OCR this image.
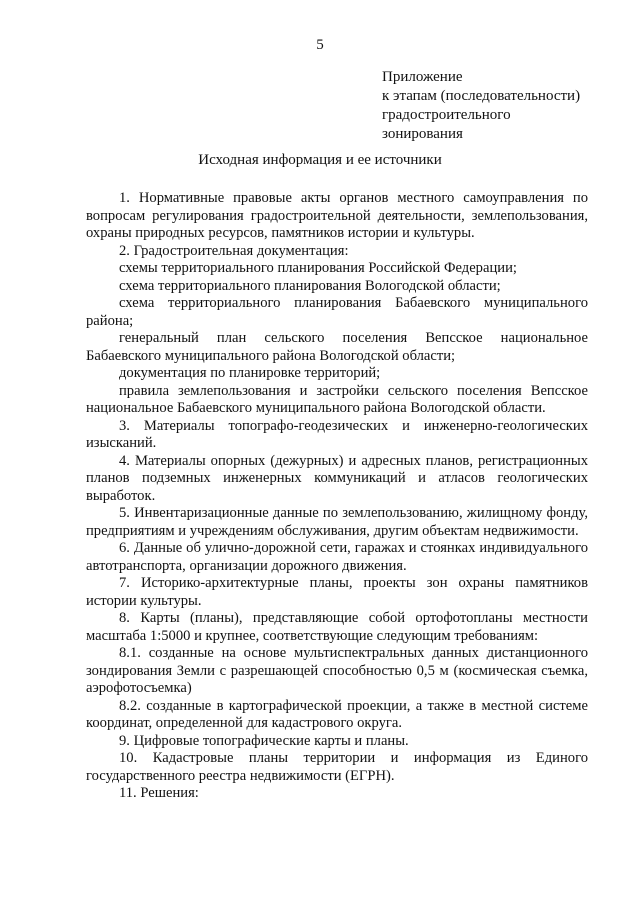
5
Приложение
к этапам (последовательности)
градостроительного
зонирования
Исходная информация и ее источники

1. Нормативные правовые акты органов местного самоуправления по вопросам регулирования градостроительной деятельности, землепользования, охраны природных ресурсов, памятников истории и культуры.

2. Градостроительная документация:

схемы территориального планирования Российской Федерации;

схема территориального планирования Вологодской области;

схема территориального планирования Бабаевского муниципального района;

генеральный план сельского поселения Вепсское национальное Бабаевского муниципального района Вологодской области;

документация по планировке территорий;

правила землепользования и застройки сельского поселения Вепсское национальное Бабаевского муниципального района Вологодской области.

3. Материалы топографо-геодезических и инженерно-геологических изысканий.

4. Материалы опорных (дежурных) и адресных планов, регистрационных планов подземных инженерных коммуникаций и атласов геологических выработок.

5. Инвентаризационные данные по землепользованию, жилищному фонду, предприятиям и учреждениям обслуживания, другим объектам недвижимости.

6. Данные об улично-дорожной сети, гаражах и стоянках индивидуального автотранспорта, организации дорожного движения.

7. Историко-архитектурные планы, проекты зон охраны памятников истории культуры.

8. Карты (планы), представляющие собой ортофотопланы местности масштаба 1:5000 и крупнее, соответствующие следующим требованиям:

8.1. созданные на основе мультиспектральных данных дистанционного зондирования Земли с разрешающей способностью 0,5 м (космическая съемка, аэрофотосъемка)

8.2. созданные в картографической проекции, а также в местной системе координат, определенной для кадастрового округа.

9. Цифровые топографические карты и планы.

10. Кадастровые планы территории и информация из Единого государственного реестра недвижимости (ЕГРН).

11. Решения:
